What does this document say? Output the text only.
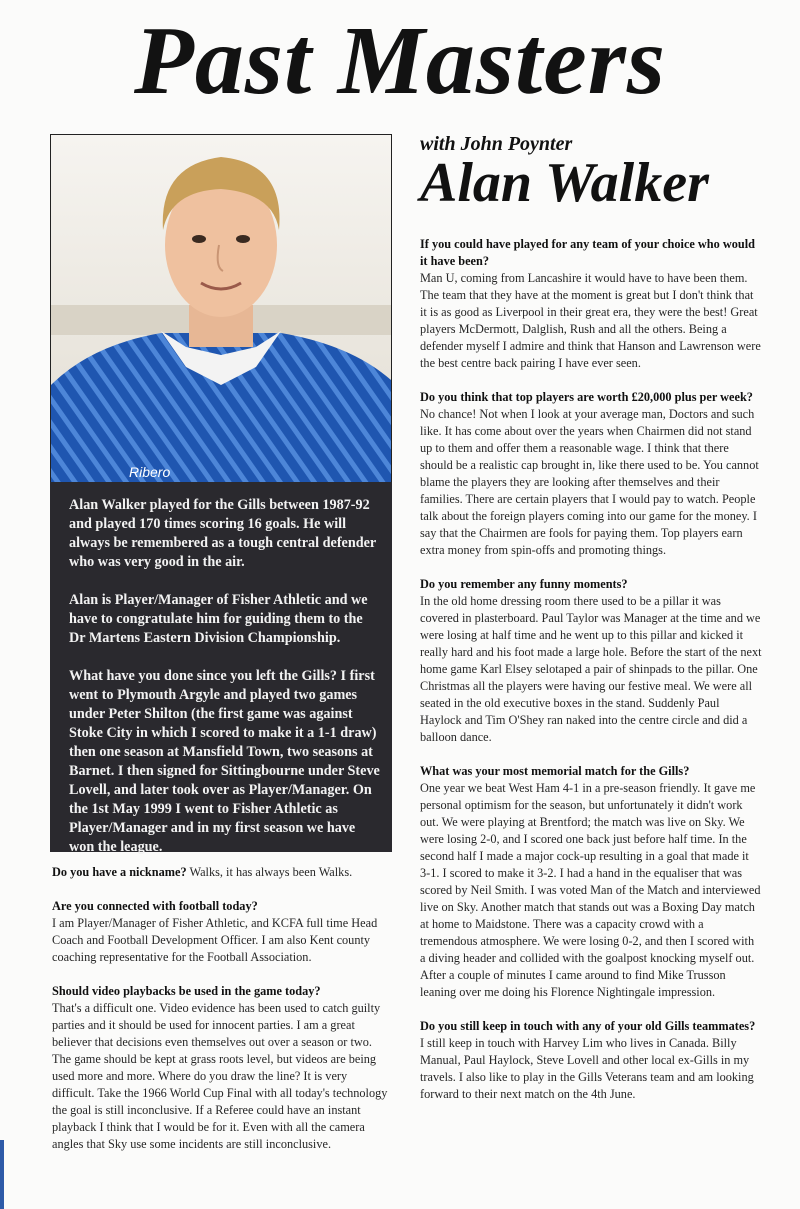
Past Masters
Ribero

Alan Walker played for the Gills between 1987-92 and played 170 times scoring 16 goals. He will always be remembered as a tough central defender who was very good in the air.

Alan is Player/Manager of Fisher Athletic and we have to congratulate him for guiding them to the Dr Martens Eastern Division Championship.

What have you done since you left the Gills? I first went to Plymouth Argyle and played two games under Peter Shilton (the first game was against Stoke City in which I scored to make it a 1-1 draw) then one season at Mansfield Town, two seasons at Barnet. I then signed for Sittingbourne under Steve Lovell, and later took over as Player/Manager. On the 1st May 1999 I went to Fisher Athletic as Player/Manager and in my first season we have won the league.

with John Poynter
Alan Walker
Do you have a nickname? Walks, it has always been Walks.
Are you connected with football today?
I am Player/Manager of Fisher Athletic, and KCFA full time Head Coach and Football Development Officer. I am also Kent county coaching representative for the Football Association.
Should video playbacks be used in the game today?
That's a difficult one. Video evidence has been used to catch guilty parties and it should be used for innocent parties. I am a great believer that decisions even themselves out over a season or two. The game should be kept at grass roots level, but videos are being used more and more. Where do you draw the line? It is very difficult. Take the 1966 World Cup Final with all today's technology the goal is still inconclusive. If a Referee could have an instant playback I think that I would be for it. Even with all the camera angles that Sky use some incidents are still inconclusive.
If you could have played for any team of your choice who would it have been?
Man U, coming from Lancashire it would have to have been them. The team that they have at the moment is great but I don't think that it is as good as Liverpool in their great era, they were the best! Great players McDermott, Dalglish, Rush and all the others. Being a defender myself I admire and think that Hanson and Lawrenson were the best centre back pairing I have ever seen.
Do you think that top players are worth £20,000 plus per week?
No chance! Not when I look at your average man, Doctors and such like. It has come about over the years when Chairmen did not stand up to them and offer them a reasonable wage. I think that there should be a realistic cap brought in, like there used to be. You cannot blame the players they are looking after themselves and their families. There are certain players that I would pay to watch. People talk about the foreign players coming into our game for the money. I say that the Chairmen are fools for paying them. Top players earn extra money from spin-offs and promoting things.
Do you remember any funny moments?
In the old home dressing room there used to be a pillar it was covered in plasterboard. Paul Taylor was Manager at the time and we were losing at half time and he went up to this pillar and kicked it really hard and his foot made a large hole. Before the start of the next home game Karl Elsey selotaped a pair of shinpads to the pillar. One Christmas all the players were having our festive meal. We were all seated in the old executive boxes in the stand. Suddenly Paul Haylock and Tim O'Shey ran naked into the centre circle and did a balloon dance.
What was your most memorial match for the Gills?
One year we beat West Ham 4-1 in a pre-season friendly. It gave me personal optimism for the season, but unfortunately it didn't work out. We were playing at Brentford; the match was live on Sky. We were losing 2-0, and I scored one back just before half time. In the second half I made a major cock-up resulting in a goal that made it 3-1. I scored to make it 3-2. I had a hand in the equaliser that was scored by Neil Smith. I was voted Man of the Match and interviewed live on Sky. Another match that stands out was a Boxing Day match at home to Maidstone. There was a capacity crowd with a tremendous atmosphere. We were losing 0-2, and then I scored with a diving header and collided with the goalpost knocking myself out. After a couple of minutes I came around to find Mike Trusson leaning over me doing his Florence Nightingale impression.
Do you still keep in touch with any of your old Gills teammates?
I still keep in touch with Harvey Lim who lives in Canada. Billy Manual, Paul Haylock, Steve Lovell and other local ex-Gills in my travels. I also like to play in the Gills Veterans team and am looking forward to their next match on the 4th June.
